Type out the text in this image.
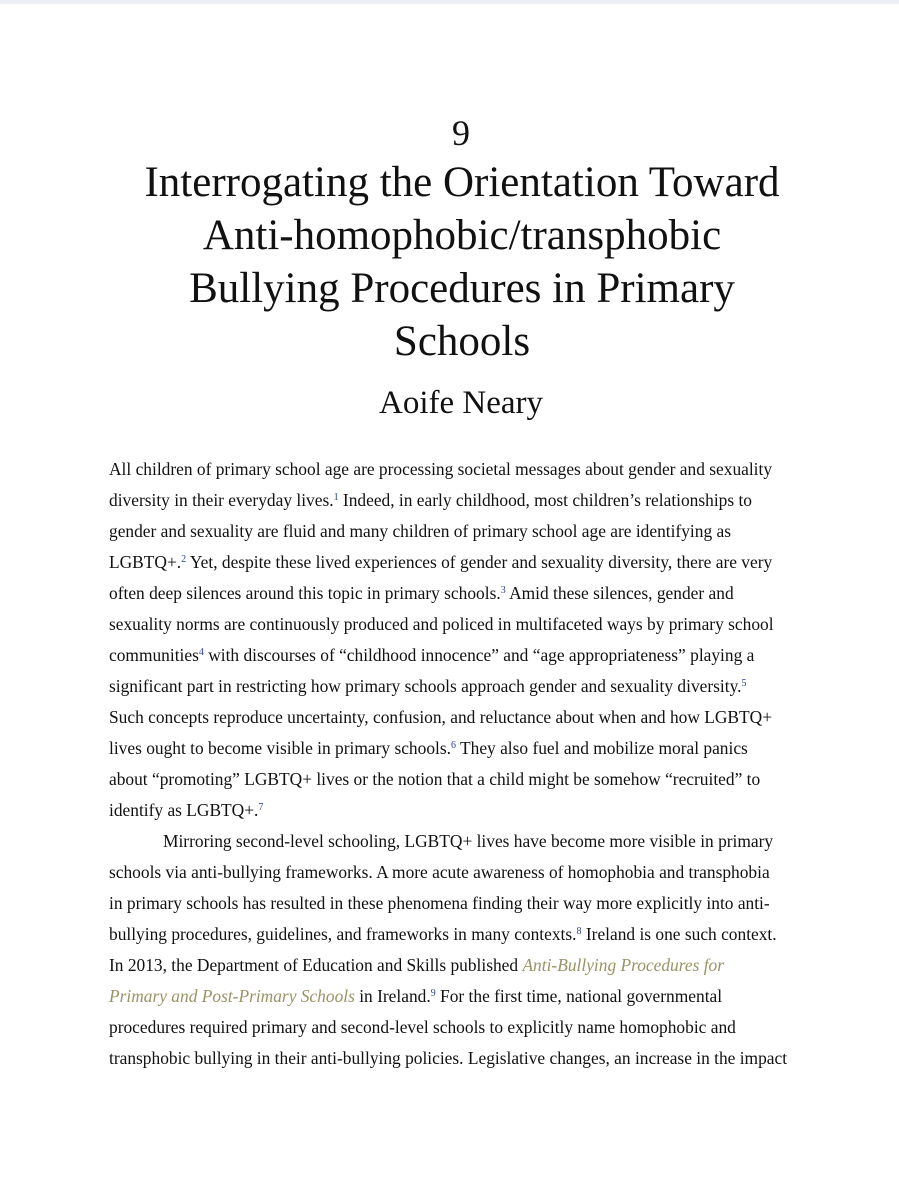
9
Interrogating the Orientation Toward
Anti-homophobic/transphobic
Bullying Procedures in Primary
Schools
Aoife Neary
All children of primary school age are processing societal messages about gender and sexuality
diversity in their everyday lives.$^1$ Indeed, in early childhood, most children’s relationships to
gender and sexuality are fluid and many children of primary school age are identifying as
LGBTQ+.$^2$ Yet, despite these lived experiences of gender and sexuality diversity, there are very
often deep silences around this topic in primary schools.$^3$ Amid these silences, gender and
sexuality norms are continuously produced and policed in multifaceted ways by primary school
communities$^4$ with discourses of “childhood innocence” and “age appropriateness” playing a
significant part in restricting how primary schools approach gender and sexuality diversity.$^5$
Such concepts reproduce uncertainty, confusion, and reluctance about when and how LGBTQ+
lives ought to become visible in primary schools.$^6$ They also fuel and mobilize moral panics
about “promoting” LGBTQ+ lives or the notion that a child might be somehow “recruited” to
identify as LGBTQ+.$^7$
Mirroring second-level schooling, LGBTQ+ lives have become more visible in primary
schools via anti-bullying frameworks. A more acute awareness of homophobia and transphobia
in primary schools has resulted in these phenomena finding their way more explicitly into anti-
bullying procedures, guidelines, and frameworks in many contexts.$^8$ Ireland is one such context.
In 2013, the Department of Education and Skills published Anti-Bullying Procedures for
Primary and Post-Primary Schools in Ireland.$^9$ For the first time, national governmental
procedures required primary and second-level schools to explicitly name homophobic and
transphobic bullying in their anti-bullying policies. Legislative changes, an increase in the impact
